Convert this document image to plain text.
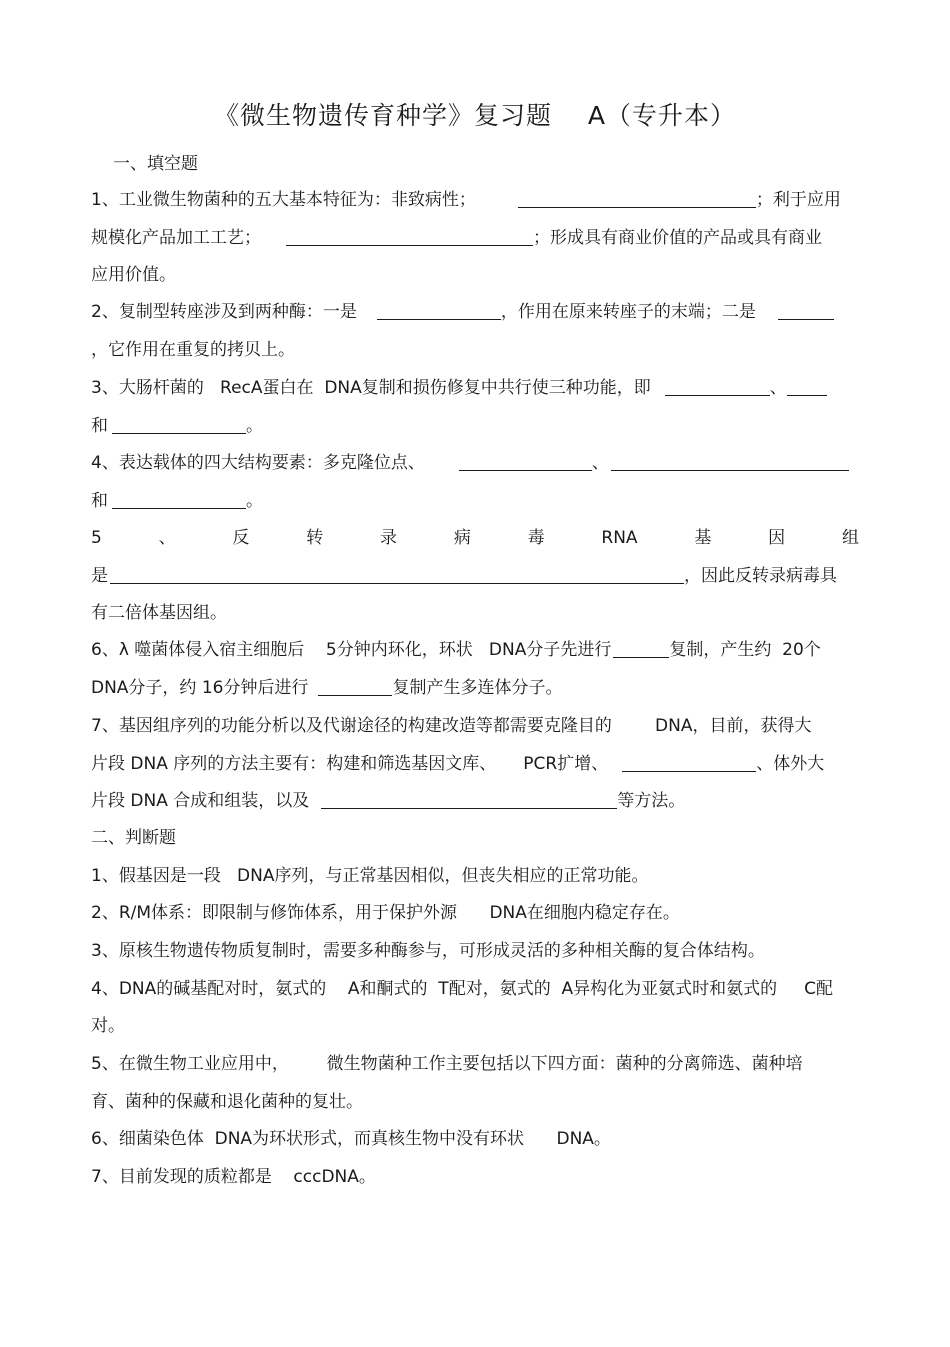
《微生物遗传育种学》复习题    A（专升本）
一、填空题
1、工业微生物菌种的五大基本特征为：非致病性；	；利于应用
规模化产品加工工艺；	；形成具有商业价值的产品或具有商业
应用价值。
2、复制型转座涉及到两种酶：一是	，作用在原来转座子的末端；二是
，它作用在重复的拷贝上。
3、大肠杆菌的   RecA蛋白在  DNA复制和损伤修复中共行使三种功能，即	、
和	。
4、表达载体的四大结构要素：多克隆位点、	、
和	。
5	、	反	转	录	病	毒	RNA	基	因	组
是	，因此反转录病毒具
有二倍体基因组。
6、λ 噬菌体侵入宿主细胞后    5分钟内环化，环状   DNA分子先进行	复制，产生约  20个
DNA分子，约 16分钟后进行	复制产生多连体分子。
7、基因组序列的功能分析以及代谢途径的构建改造等都需要克隆目的        DNA，目前，获得大
片段 DNA 序列的方法主要有：构建和筛选基因文库、     PCR扩增、	、体外大
片段 DNA 合成和组装，以及	等方法。
二、判断题
1、假基因是一段   DNA序列，与正常基因相似，但丧失相应的正常功能。
2、R/M体系：即限制与修饰体系，用于保护外源      DNA在细胞内稳定存在。
3、原核生物遗传物质复制时，需要多种酶参与，可形成灵活的多种相关酶的复合体结构。
4、DNA的碱基配对时，氨式的    A和酮式的  T配对，氨式的  A异构化为亚氨式时和氨式的     C配
对。
5、在微生物工业应用中，       微生物菌种工作主要包括以下四方面：菌种的分离筛选、菌种培
育、菌种的保藏和退化菌种的复壮。
6、细菌染色体  DNA为环状形式，而真核生物中没有环状      DNA。
7、目前发现的质粒都是    cccDNA。
